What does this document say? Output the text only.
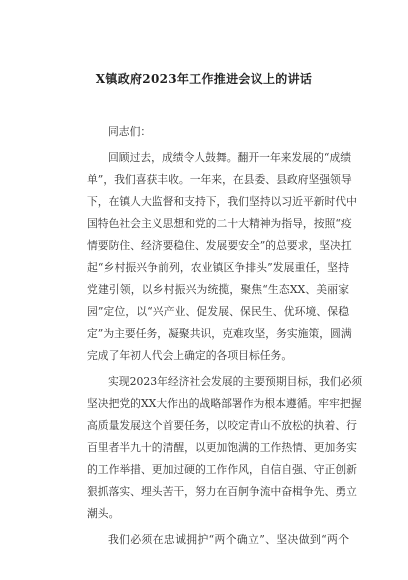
X镇政府2023年工作推进会议上的讲话
同志们：
回顾过去，成绩令人鼓舞。翻开一年来发展的“成绩
单”，我们喜获丰收。一年来，在县委、县政府坚强领导
下，在镇人大监督和支持下，我们坚持以习近平新时代中
国特色社会主义思想和党的二十大精神为指导，按照“疫
情要防住、经济要稳住、发展要安全”的总要求，坚决扛
起“乡村振兴争前列，农业镇区争排头”发展重任，坚持
党建引领，以乡村振兴为统揽，聚焦“生态XX、美丽家
园”定位，以“兴产业、促发展、保民生、优环境、保稳
定”为主要任务，凝聚共识，克难攻坚，务实施策，圆满
完成了年初人代会上确定的各项目标任务。
实现2023年经济社会发展的主要预期目标，我们必须
坚决把党的XX大作出的战略部署作为根本遵循。牢牢把握
高质量发展这个首要任务，以咬定青山不放松的执着、行
百里者半九十的清醒，以更加饱满的工作热情、更加务实
的工作举措、更加过硬的工作作风，自信自强、守正创新
狠抓落实、埋头苦干，努力在百舸争流中奋楫争先、勇立
潮头。
我们必须在忠诚拥护“两个确立”、坚决做到“两个
